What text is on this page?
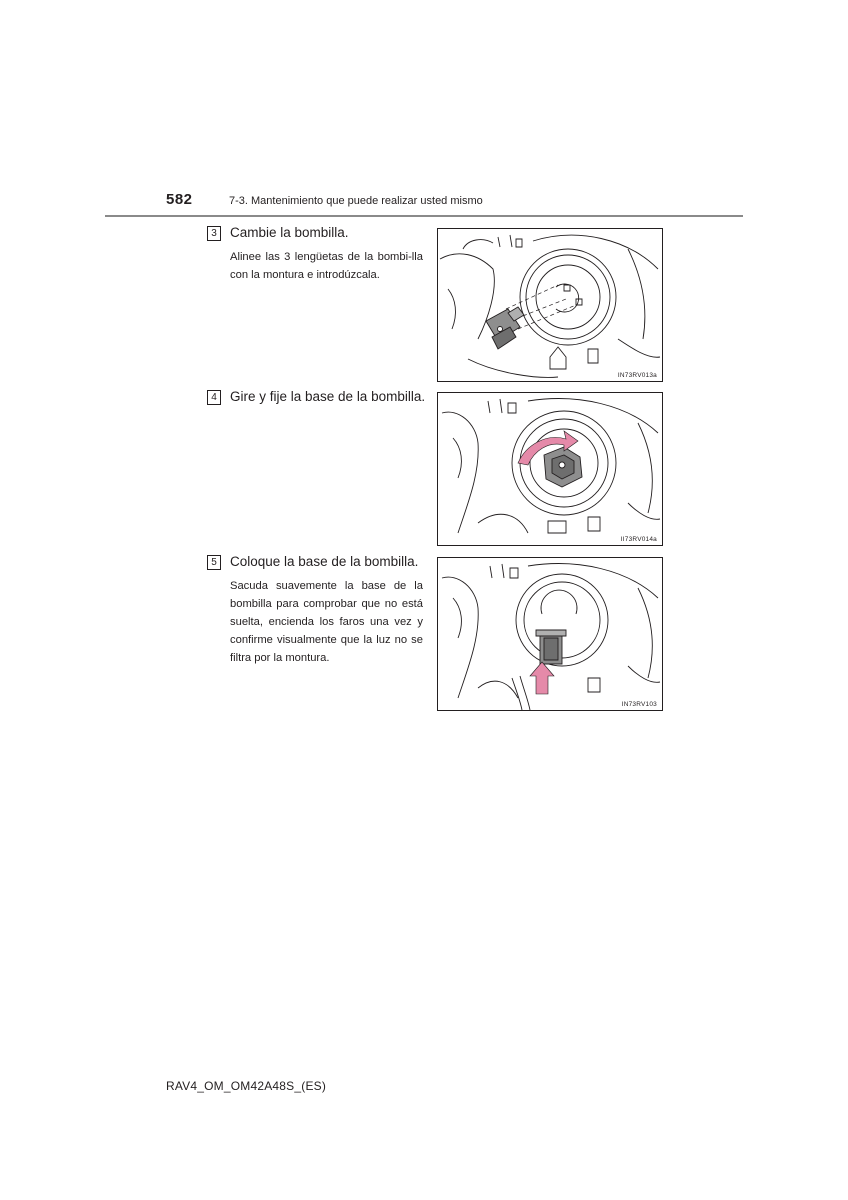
582	7-3. Mantenimiento que puede realizar usted mismo
3 Cambie la bombilla.
Alinee las 3 lengüetas de la bombi-lla con la montura e introdúzcala.
IN73RV013a
4 Gire y fije la base de la bombilla.
II73RV014a
5 Coloque la base de la bombilla.
Sacuda suavemente la base de la bombilla para comprobar que no está suelta, encienda los faros una vez y confirme visualmente que la luz no se filtra por la montura.
IN73RV103
RAV4_OM_OM42A48S_(ES)
